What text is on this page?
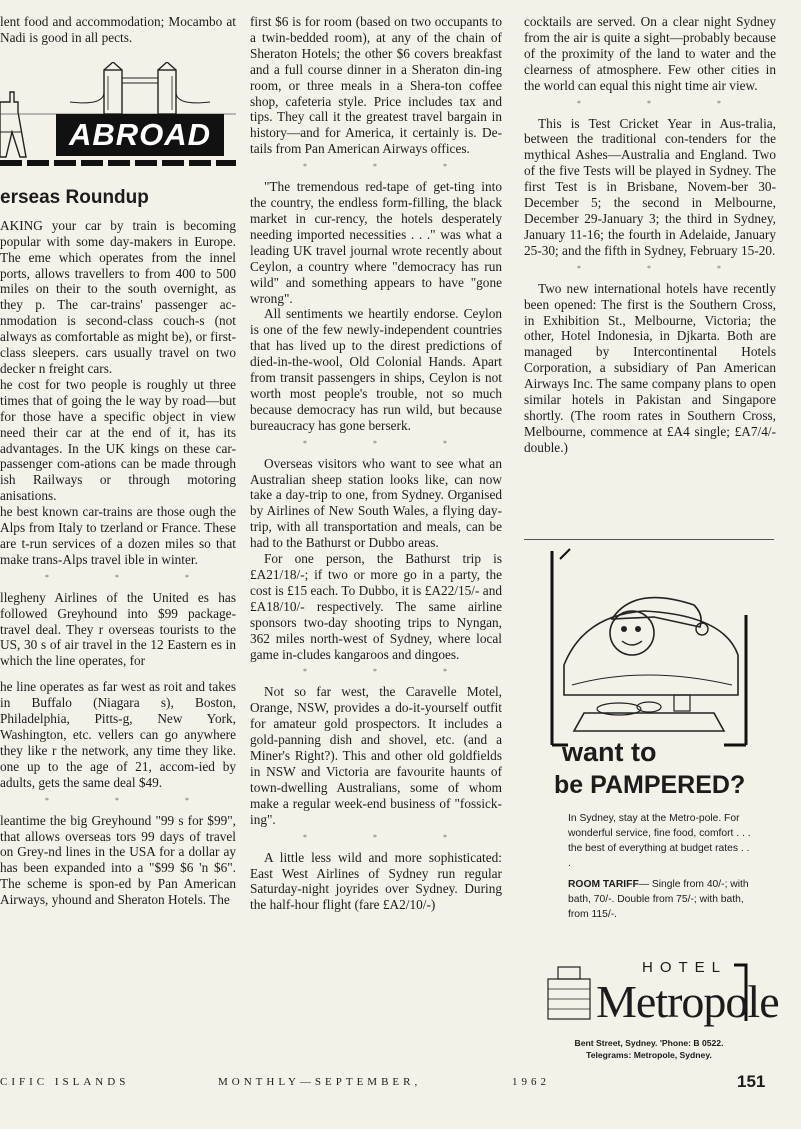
lent food and accommodation; Mocambo at Nadi is good in all pects.

ABROAD
erseas Roundup

AKING your car by train is becoming popular with some day-makers in Europe. The eme which operates from the innel ports, allows travellers to from 400 to 500 miles on their to the south overnight, as they p. The car-trains' passenger ac-nmodation is second-class couch-s (not always as comfortable as might be), or first-class sleepers. cars usually travel on two decker n freight cars.

he cost for two people is roughly ut three times that of going the le way by road—but for those have a specific object in view need their car at the end of it, has its advantages. In the UK kings on these car-passenger com-ations can be made through ish Railways or through motoring anisations.

he best known car-trains are those ough the Alps from Italy to tzerland or France. These are t-run services of a dozen miles so that make trans-Alps travel ible in winter.

* * *

llegheny Airlines of the United es has followed Greyhound into $99 package-travel deal. They r overseas tourists to the US, 30 s of air travel in the 12 Eastern es in which the line operates, for

he line operates as far west as roit and takes in Buffalo (Niagara s), Boston, Philadelphia, Pitts-g, New York, Washington, etc. vellers can go anywhere they like r the network, any time they like. one up to the age of 21, accom-ied by adults, gets the same deal $49.

* * *

leantime the big Greyhound "99 s for $99", that allows overseas tors 99 days of travel on Grey-nd lines in the USA for a dollar ay has been expanded into a "$99 $6 'n $6". The scheme is spon-ed by Pan American Airways, yhound and Sheraton Hotels. The

first $6 is for room (based on two occupants to a twin-bedded room), at any of the chain of Sheraton Hotels; the other $6 covers breakfast and a full course dinner in a Sheraton din-ing room, or three meals in a Shera-ton coffee shop, cafeteria style. Price includes tax and tips. They call it the greatest travel bargain in history—and for America, it certainly is. De-tails from Pan American Airways offices.

* * *

"The tremendous red-tape of get-ting into the country, the endless form-filling, the black market in cur-rency, the hotels desperately needing imported necessities . . ." was what a leading UK travel journal wrote recently about Ceylon, a country where "democracy has run wild" and something appears to have "gone wrong".

All sentiments we heartily endorse. Ceylon is one of the few newly-independent countries that has lived up to the direst predictions of died-in-the-wool, Old Colonial Hands. Apart from transit passengers in ships, Ceylon is not worth most people's trouble, not so much because democracy has run wild, but because bureaucracy has gone berserk.

* * *

Overseas visitors who want to see what an Australian sheep station looks like, can now take a day-trip to one, from Sydney. Organised by Airlines of New South Wales, a flying day-trip, with all transportation and meals, can be had to the Bathurst or Dubbo areas.

For one person, the Bathurst trip is £A21/18/-; if two or more go in a party, the cost is £15 each. To Dubbo, it is £A22/15/- and £A18/10/- respectively. The same airline sponsors two-day shooting trips to Nyngan, 362 miles north-west of Sydney, where local game in-cludes kangaroos and dingoes.

* * *

Not so far west, the Caravelle Motel, Orange, NSW, provides a do-it-yourself outfit for amateur gold prospectors. It includes a gold-panning dish and shovel, etc. (and a Miner's Right?). This and other old goldfields in NSW and Victoria are favourite haunts of town-dwelling Australians, some of whom make a regular week-end business of "fossick-ing".

* * *

A little less wild and more sophisticated: East West Airlines of Sydney run regular Saturday-night joyrides over Sydney. During the half-hour flight (fare £A2/10/-)

cocktails are served. On a clear night Sydney from the air is quite a sight—probably because of the proximity of the land to water and the clearness of atmosphere. Few other cities in the world can equal this night time air view.

* * *

This is Test Cricket Year in Aus-tralia, between the traditional con-tenders for the mythical Ashes—Australia and England. Two of the five Tests will be played in Sydney. The first Test is in Brisbane, Novem-ber 30-December 5; the second in Melbourne, December 29-January 3; the third in Sydney, January 11-16; the fourth in Adelaide, January 25-30; and the fifth in Sydney, February 15-20.

* * *

Two new international hotels have recently been opened: The first is the Southern Cross, in Exhibition St., Melbourne, Victoria; the other, Hotel Indonesia, in Djkarta. Both are managed by Intercontinental Hotels Corporation, a subsidiary of Pan American Airways Inc. The same company plans to open similar hotels in Pakistan and Singapore shortly. (The room rates in Southern Cross, Melbourne, commence at £A4 single; £A7/4/- double.)

want to
be PAMPERED?
In Sydney, stay at the Metro-pole. For wonderful service, fine food, comfort . . . the best of everything at budget rates . . .
ROOM TARIFF— Single from 40/-; with bath, 70/-. Double from 75/-; with bath, from 115/-.
HOTEL
Metropole
Bent Street, Sydney. 'Phone: B 0522.
Telegrams: Metropole, Sydney.
CIFIC ISLANDS	MONTHLY—SEPTEMBER,	1962	151
